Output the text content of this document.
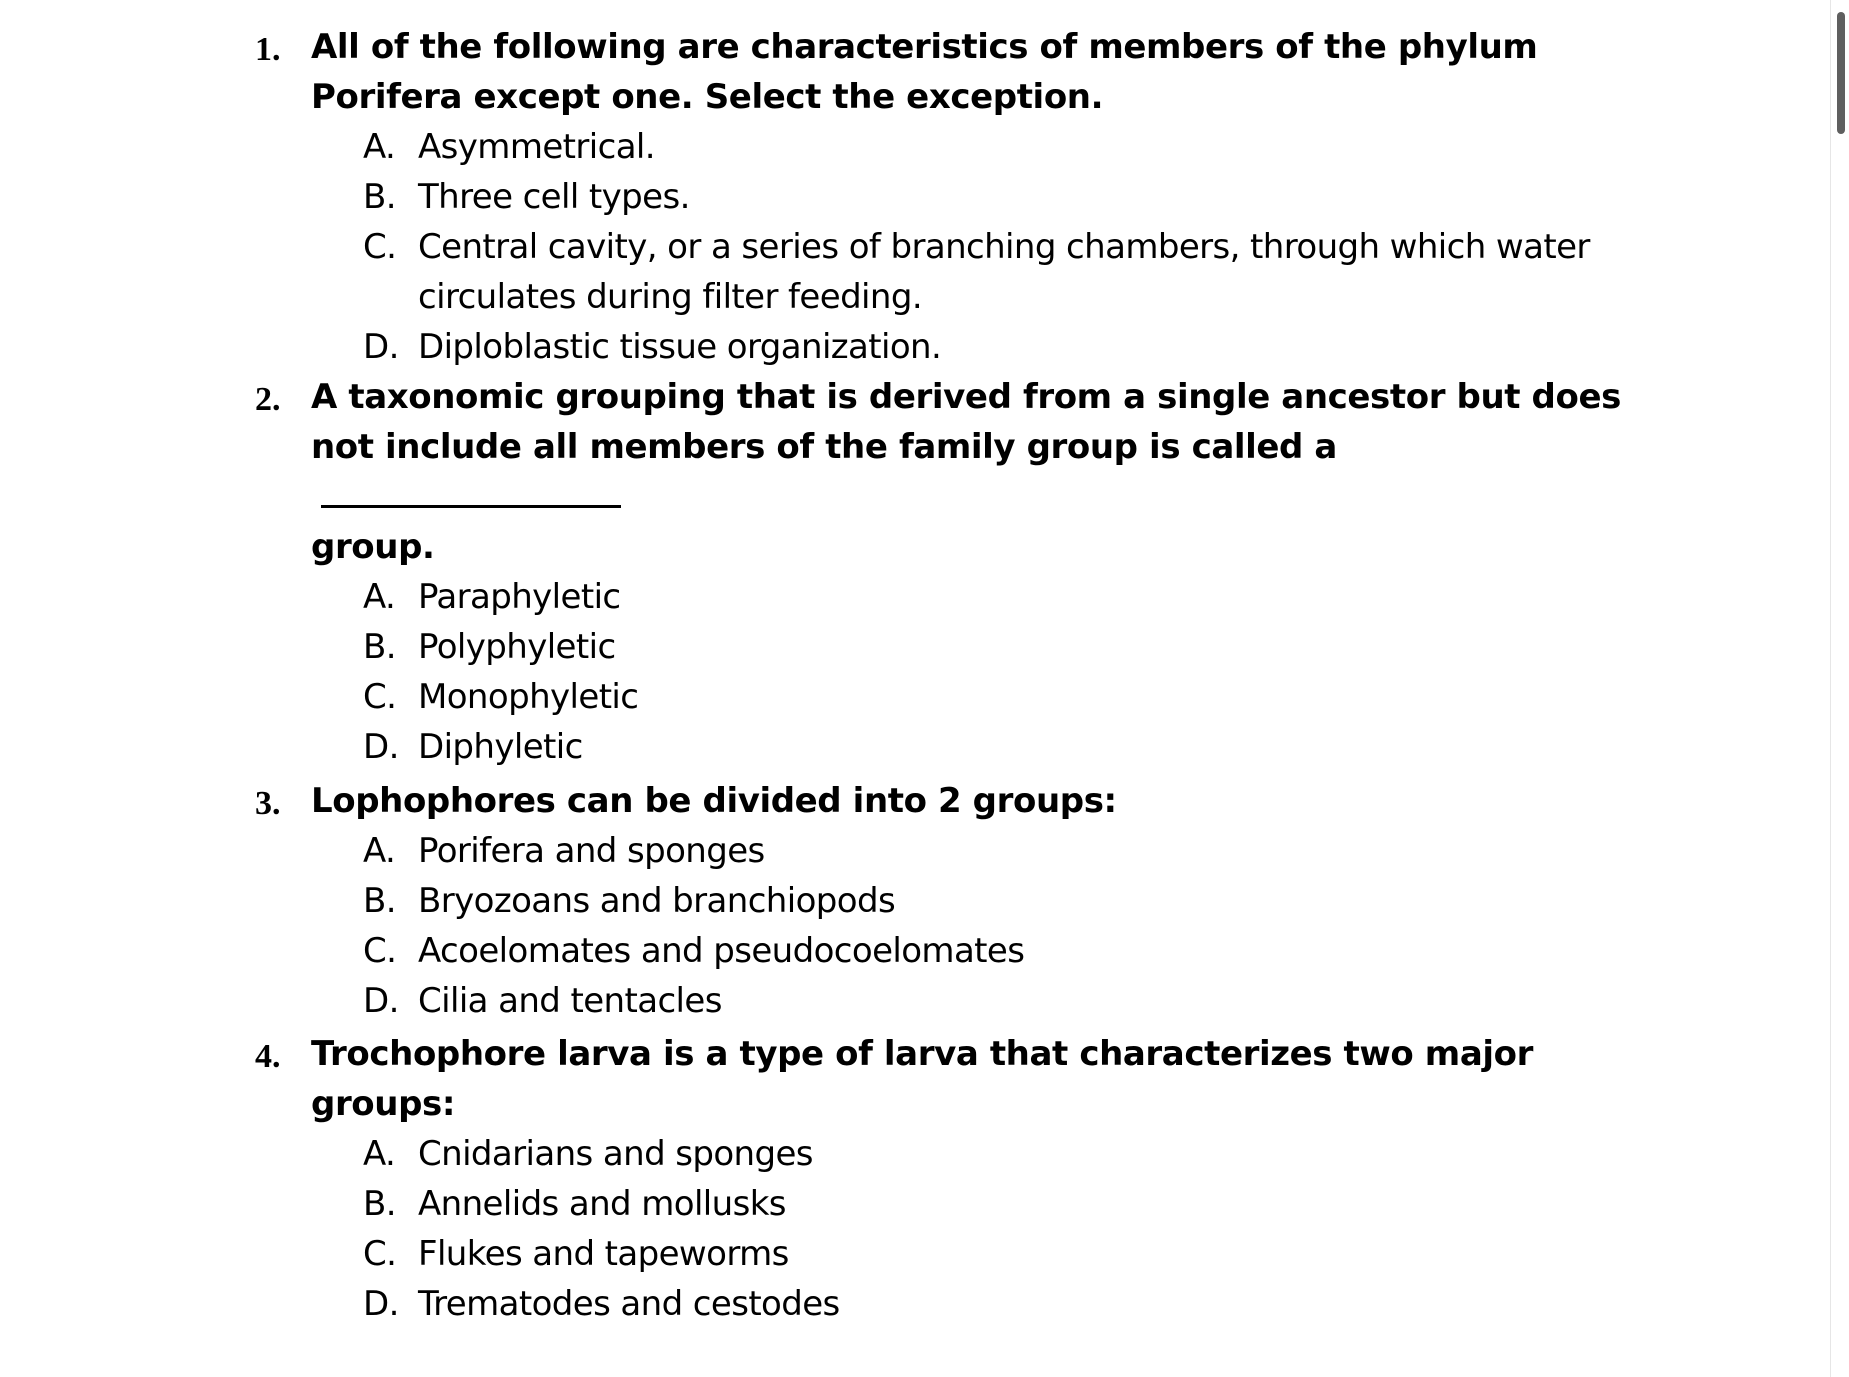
1. All of the following are characteristics of members of the phylum Porifera except one. Select the exception.
A. Asymmetrical.
B. Three cell types.
C. Central cavity, or a series of branching chambers, through which water circulates during filter feeding.
D. Diploblastic tissue organization.
2. A taxonomic grouping that is derived from a single ancestor but does not include all members of the family group is called a
group.
A. Paraphyletic
B. Polyphyletic
C. Monophyletic
D. Diphyletic
3. Lophophores can be divided into 2 groups:
A. Porifera and sponges
B. Bryozoans and branchiopods
C. Acoelomates and pseudocoelomates
D. Cilia and tentacles
4. Trochophore larva is a type of larva that characterizes two major groups:
A. Cnidarians and sponges
B. Annelids and mollusks
C. Flukes and tapeworms
D. Trematodes and cestodes
